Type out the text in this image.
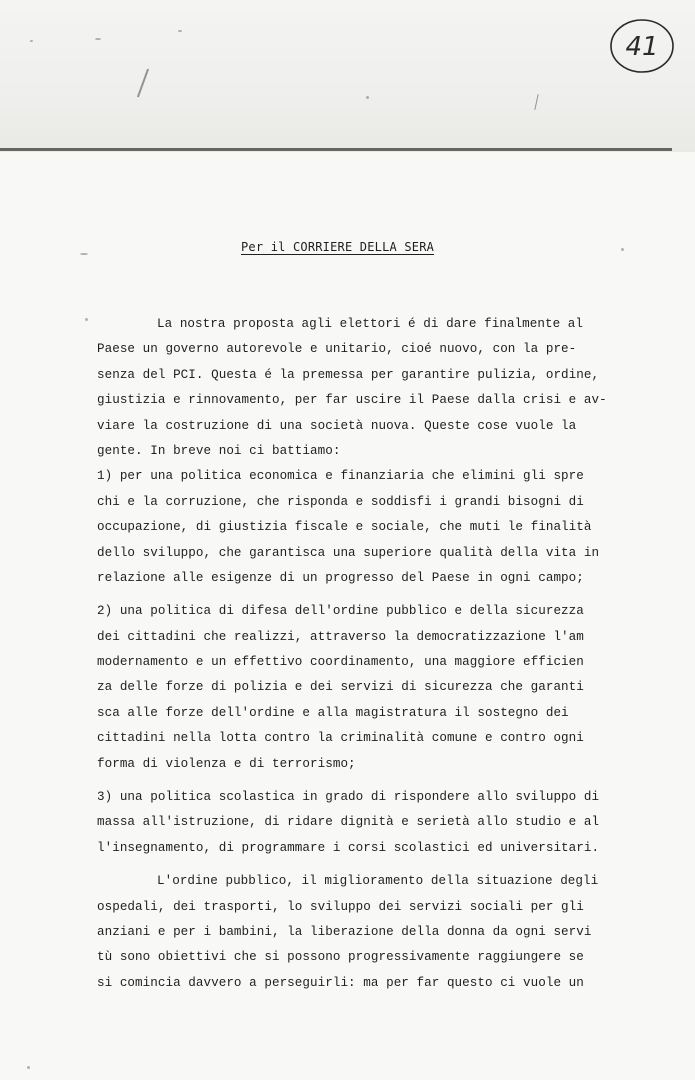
41
Per il CORRIERE DELLA SERA
La nostra proposta agli elettori é di dare finalmente al
Paese un governo autorevole e unitario, cioé nuovo, con la pre-
senza del PCI. Questa é la premessa per garantire pulizia, ordine,
giustizia e rinnovamento, per far uscire il Paese dalla crisi e av-
viare la costruzione di una società nuova. Queste cose vuole la
gente. In breve noi ci battiamo:
1) per una politica economica e finanziaria che elimini gli spre
chi e la corruzione, che risponda e soddisfi i grandi bisogni di
occupazione, di giustizia fiscale e sociale, che muti le finalità
dello sviluppo, che garantisca una superiore qualità della vita in
relazione alle esigenze di un progresso del Paese in ogni campo;
2) una politica di difesa dell'ordine pubblico e della sicurezza
dei cittadini che realizzi, attraverso la democratizzazione l'am
modernamento e un effettivo coordinamento, una maggiore efficien
za delle forze di polizia e dei servizi di sicurezza che garanti
sca alle forze dell'ordine e alla magistratura il sostegno dei
cittadini nella lotta contro la criminalità comune e contro ogni
forma di violenza e di terrorismo;
3) una politica scolastica in grado di rispondere allo sviluppo di
massa all'istruzione, di ridare dignità e serietà allo studio e al
l'insegnamento, di programmare i corsi scolastici ed universitari.
L'ordine pubblico, il miglioramento della situazione degli
ospedali, dei trasporti, lo sviluppo dei servizi sociali per gli
anziani e per i bambini, la liberazione della donna da ogni servi
tù sono obiettivi che si possono progressivamente raggiungere se
si comincia davvero a perseguirli: ma per far questo ci vuole un
